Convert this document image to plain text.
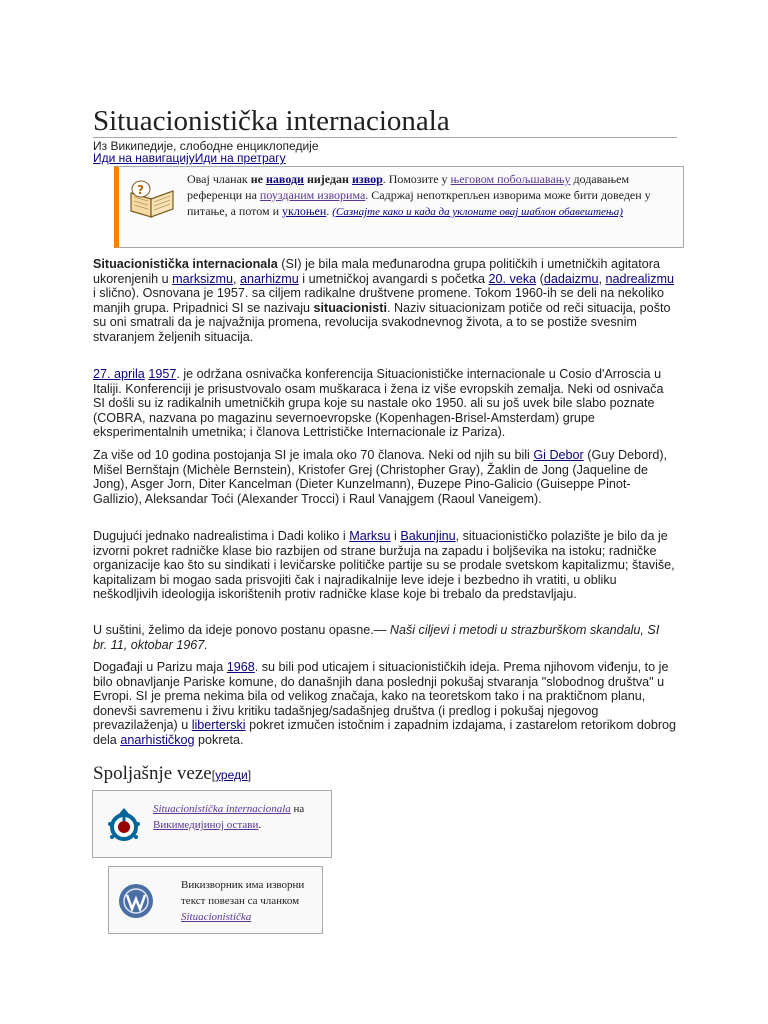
Situacionistička internacionala
Из Википедије, слободне енциклопедије
Иди на навигацијуИди на претрагу
?
Овај чланак не наводи ниједан извор. Помозите у његовом побољшавању додавањем референци на поузданим изворима. Садржај непоткрепљен изворима може бити доведен у питање, а потом и уклоњен. (Сазнајте како и када да уклоните овај шаблон обавештења)

Situacionistička internacionala (SI) je bila mala međunarodna grupa političkih i umetničkih agitatora ukorenjenih u marksizmu, anarhizmu i umetničkoj avangardi s početka 20. veka (dadaizmu, nadrealizmu i slično). Osnovana je 1957. sa ciljem radikalne društvene promene. Tokom 1960-ih se deli na nekoliko manjih grupa. Pripadnici SI se nazivaju situacionisti. Naziv situacionizam potiče od reči situacija, pošto su oni smatrali da je najvažnija promena, revolucija svakodnevnog života, a to se postiže svesnim stvaranjem željenih situacija.

27. aprila 1957. je održana osnivačka konferencija Situacionističke internacionale u Cosio d'Arroscia u Italiji. Konferenciji je prisustvovalo osam muškaraca i žena iz više evropskih zemalja. Neki od osnivača SI došli su iz radikalnih umetničkih grupa koje su nastale oko 1950. ali su još uvek bile slabo poznate (COBRA, nazvana po magazinu severnoevropske (Kopenhagen-Brisel-Amsterdam) grupe eksperimentalnih umetnika; i članova Lettrističke Internacionale iz Pariza).

Za više od 10 godina postojanja SI je imala oko 70 članova. Neki od njih su bili Gi Debor (Guy Debord), Mišel Bernštajn (Michèle Bernstein), Kristofer Grej (Christopher Gray), Žaklin de Jong (Jaqueline de Jong), Asger Jorn, Diter Kancelman (Dieter Kunzelmann), Đuzepe Pino-Galicio (Guiseppe Pinot-Gallizio), Aleksandar Toći (Alexander Trocci) i Raul Vanajgem (Raoul Vaneigem).

Dugujući jednako nadrealistima i Dadi koliko i Marksu i Bakunjinu, situacionističko polazište je bilo da je izvorni pokret radničke klase bio razbijen od strane buržuja na zapadu i boljševika na istoku; radničke organizacije kao što su sindikati i levičarske političke partije su se prodale svetskom kapitalizmu; štaviše, kapitalizam bi mogao sada prisvojiti čak i najradikalnije leve ideje i bezbedno ih vratiti, u obliku neškodljivih ideologija iskorištenih protiv radničke klase koje bi trebalo da predstavljaju.

U suštini, želimo da ideje ponovo postanu opasne.— Naši ciljevi i metodi u strazburškom skandalu, SI br. 11, oktobar 1967.

Događaji u Parizu maja 1968. su bili pod uticajem i situacionističkih ideja. Prema njihovom viđenju, to je bilo obnavljanje Pariske komune, do današnjih dana poslednji pokušaj stvaranja "slobodnog društva" u Evropi. SI je prema nekima bila od velikog značaja, kako na teoretskom tako i na praktičnom planu, donevši savremenu i živu kritiku tadašnjeg/sadašnjeg društva (i predlog i pokušaj njegovog prevazilaženja) u liberterski pokret izmučen istočnim i zapadnim izdajama, i zastarelom retorikom dobrog dela anarhističkog pokreta.

Spoljašnje veze[уреди]
Situacionistička internacionala на Викимедијиној остави.
Викизворник има изворни текст повезан са чланком Situacionistička
